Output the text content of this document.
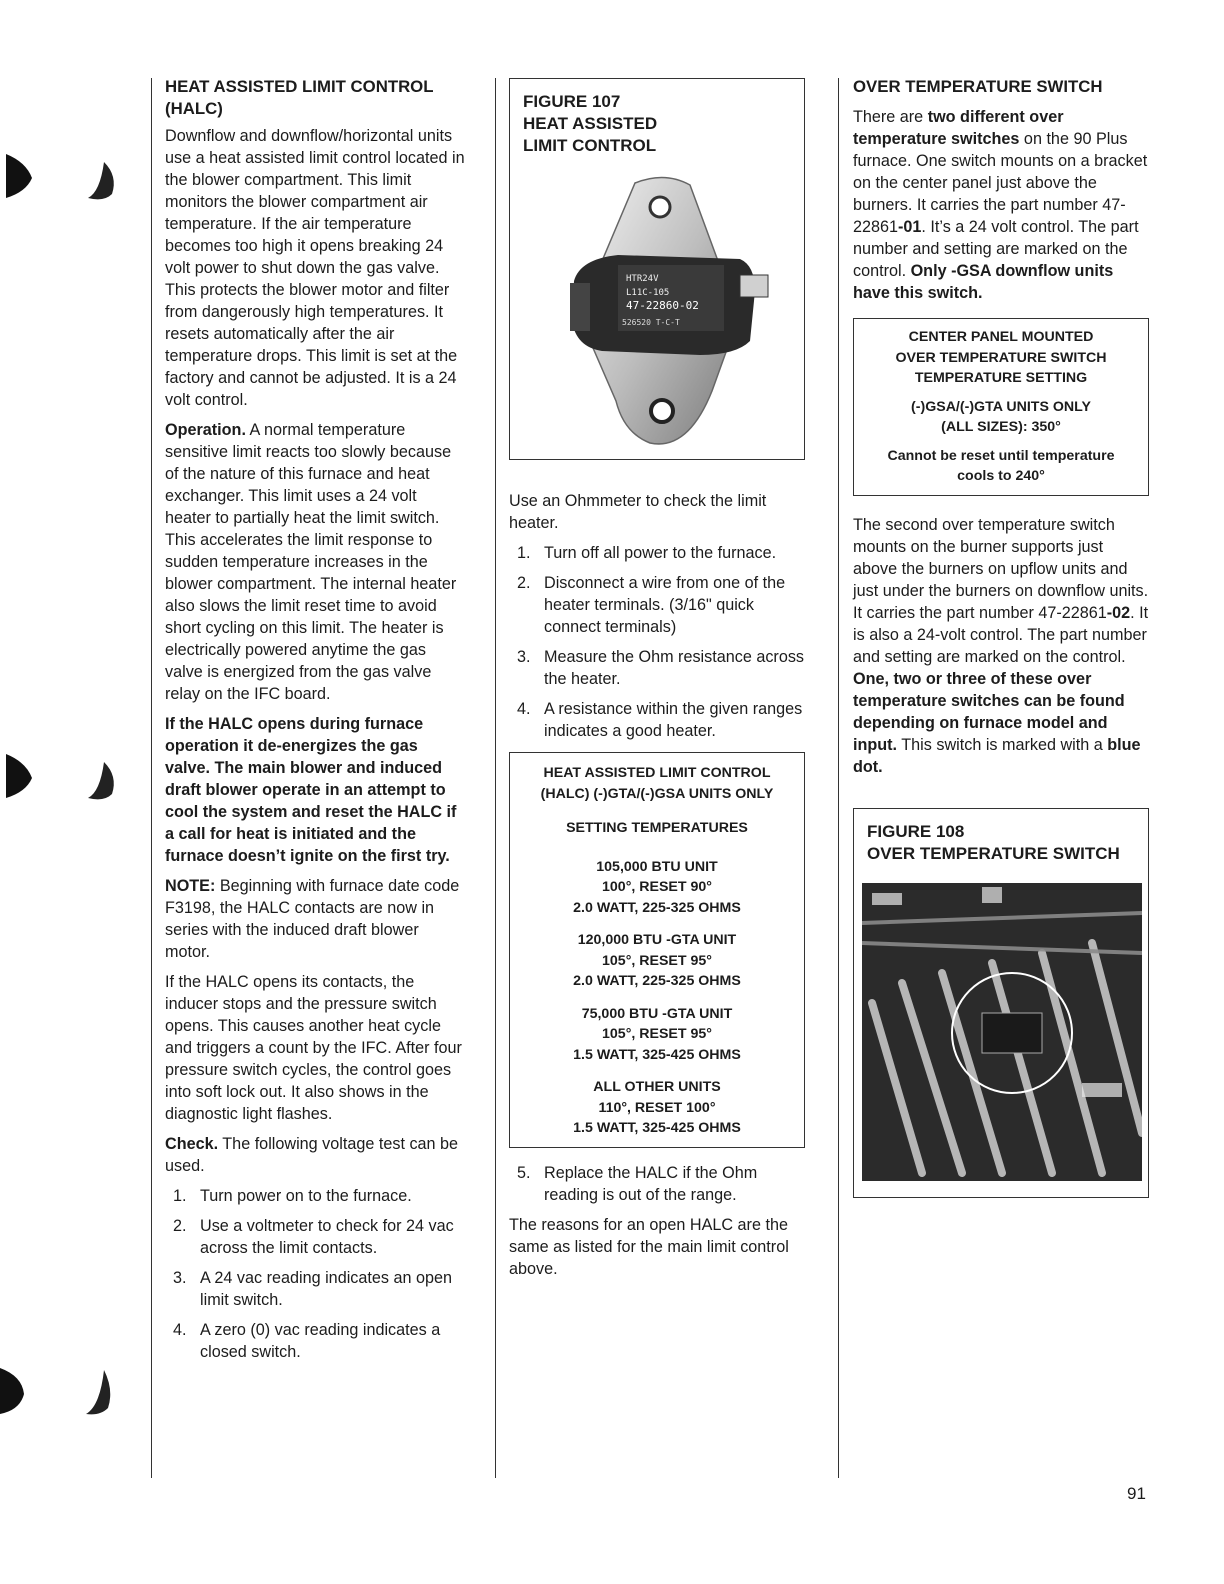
HEAT ASSISTED LIMIT CONTROL (HALC)

Downflow and downflow/horizontal units use a heat assisted limit control located in the blower compartment. This limit monitors the blower compartment air temperature. If the air temperature becomes too high it opens breaking 24 volt power to shut down the gas valve. This protects the blower motor and filter from dangerously high temperatures. It resets automatically after the air temperature drops. This limit is set at the factory and cannot be adjusted. It is a 24 volt control.

Operation. A normal temperature sensitive limit reacts too slowly because of the nature of this furnace and heat exchanger. This limit uses a 24 volt heater to partially heat the limit switch. This accelerates the limit response to sudden temperature increases in the blower compartment. The internal heater also slows the limit reset time to avoid short cycling on this limit. The heater is electrically powered anytime the gas valve is energized from the gas valve relay on the IFC board.

If the HALC opens during furnace operation it de-energizes the gas valve. The main blower and induced draft blower operate in an attempt to cool the system and reset the HALC if a call for heat is initiated and the furnace doesn’t ignite on the first try.

NOTE: Beginning with furnace date code F3198, the HALC contacts are now in series with the induced draft blower motor.

If the HALC opens its contacts, the inducer stops and the pressure switch opens. This causes another heat cycle and triggers a count by the IFC. After four pressure switch cycles, the control goes into soft lock out. It also shows in the diagnostic light flashes.

Check. The following voltage test can be used.

1. Turn power on to the furnace.
2. Use a voltmeter to check for 24 vac across the limit contacts.
3. A 24 vac reading indicates an open limit switch.
4. A zero (0) vac reading indicates a closed switch.
FIGURE 107
HEAT ASSISTED
LIMIT CONTROL
HTR24V
L11C-105
47-22860-02
526520 T-C-T

Use an Ohmmeter to check the limit heater.

1. Turn off all power to the furnace.
2. Disconnect a wire from one of the heater terminals. (3/16" quick connect terminals)
3. Measure the Ohm resistance across the heater.
4. A resistance within the given ranges indicates a good heater.
HEAT ASSISTED LIMIT CONTROL
(HALC) (-)GTA/(-)GSA UNITS ONLY
SETTING TEMPERATURES
105,000 BTU UNIT
100°, RESET 90°
2.0 WATT, 225-325 OHMS
120,000 BTU -GTA UNIT
105°, RESET 95°
2.0 WATT, 225-325 OHMS
75,000 BTU -GTA UNIT
105°, RESET 95°
1.5 WATT, 325-425 OHMS
ALL OTHER UNITS
110°, RESET 100°
1.5 WATT, 325-425 OHMS
5. Replace the HALC if the Ohm reading is out of the range.

The reasons for an open HALC are the same as listed for the main limit control above.

OVER TEMPERATURE SWITCH

There are two different over temperature switches on the 90 Plus furnace. One switch mounts on a bracket on the center panel just above the burners. It carries the part number 47-22861-01. It’s a 24 volt control. The part number and setting are marked on the control. Only -GSA downflow units have this switch.

CENTER PANEL MOUNTED
OVER TEMPERATURE SWITCH
TEMPERATURE SETTING
(-)GSA/(-)GTA UNITS ONLY
(ALL SIZES): 350°
Cannot be reset until temperature
cools to 240°

The second over temperature switch mounts on the burner supports just above the burners on upflow units and just under the burners on downflow units. It carries the part number 47-22861-02. It is also a 24-volt control. The part number and setting are marked on the control. One, two or three of these over temperature switches can be found depending on furnace model and input. This switch is marked with a blue dot.

FIGURE 108
OVER TEMPERATURE SWITCH
91
